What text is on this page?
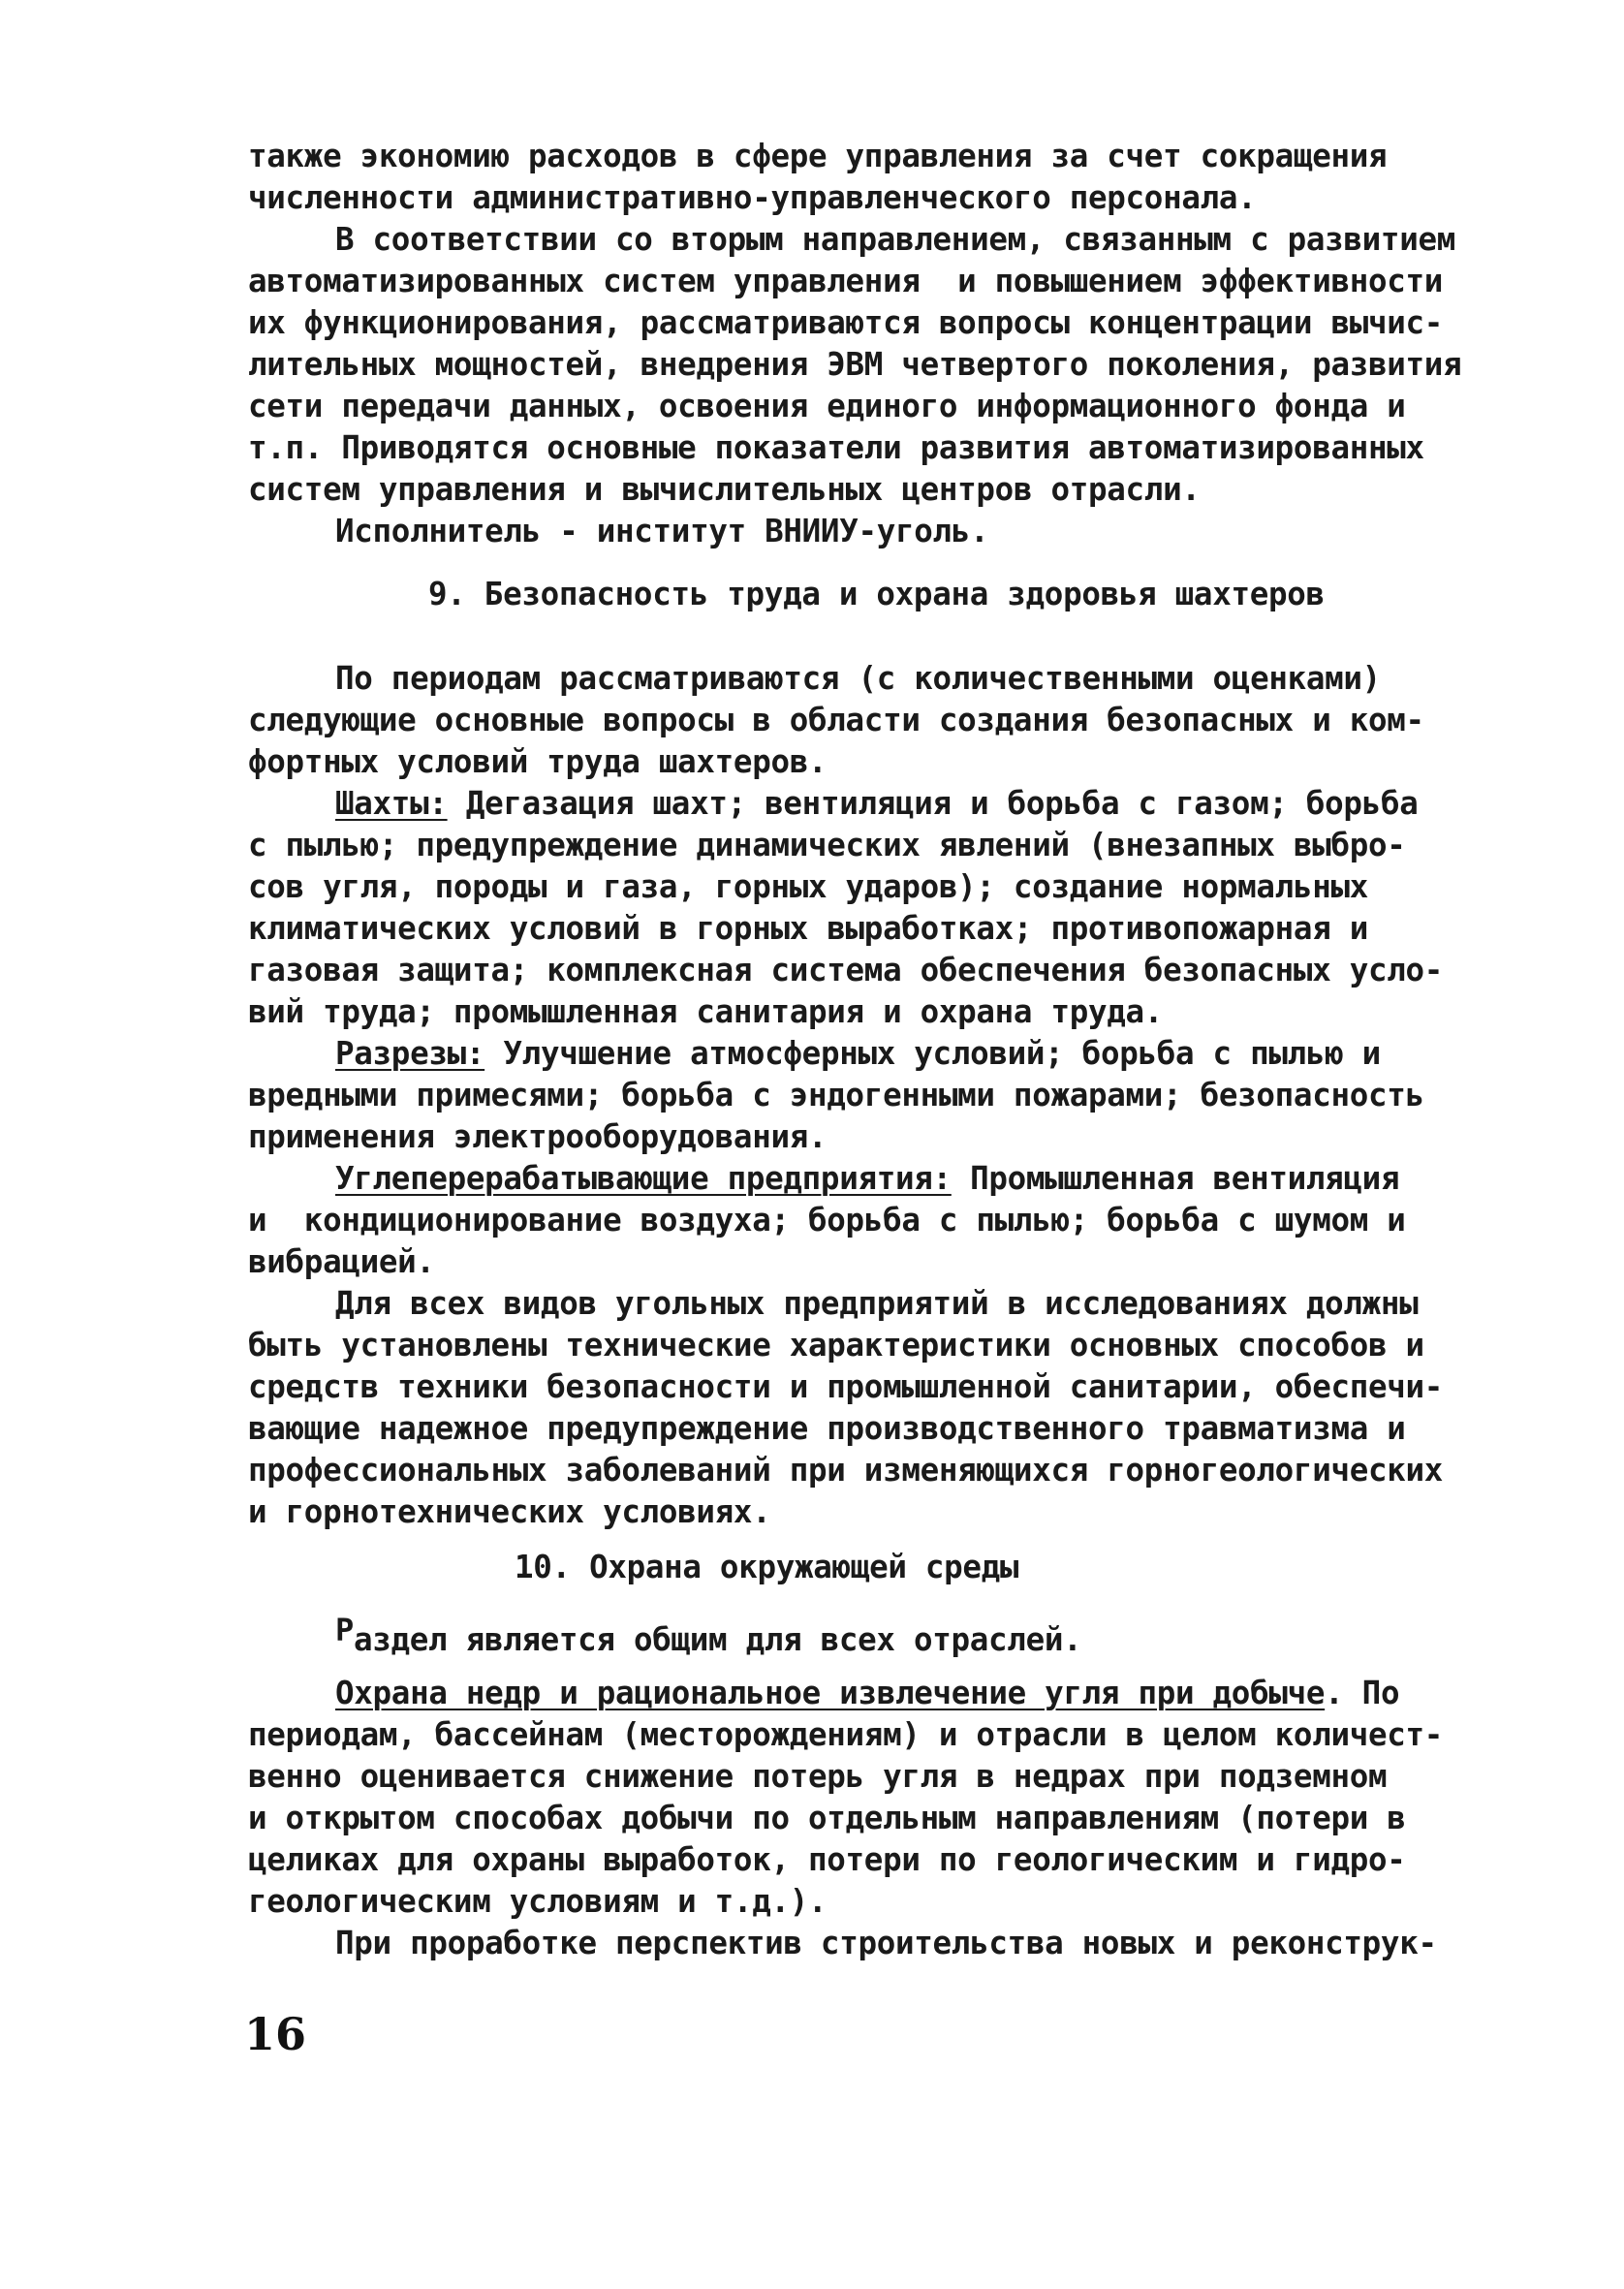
также экономию расходов в сфере управления за счет сокращения
численности административно-управленческого персонала.
В соответствии со вторым направлением, связанным с развитием
автоматизированных систем управления  и повышением эффективности
их функционирования, рассматриваются вопросы концентрации вычис-
лительных мощностей, внедрения ЭВМ четвертого поколения, развития
сети передачи данных, освоения единого информационного фонда и
т.п. Приводятся основные показатели развития автоматизированных
систем управления и вычислительных центров отрасли.
Исполнитель - институт ВНИИУ-уголь.
9. Безопасность труда и охрана здоровья шахтеров
По периодам рассматриваются (с количественными оценками)
следующие основные вопросы в области создания безопасных и ком-
фортных условий труда шахтеров.
Шахты: Дегазация шахт; вентиляция и борьба с газом; борьба
с пылью; предупреждение динамических явлений (внезапных выбро-
сов угля, породы и газа, горных ударов); создание нормальных
климатических условий в горных выработках; противопожарная и
газовая защита; комплексная система обеспечения безопасных усло-
вий труда; промышленная санитария и охрана труда.
Разрезы: Улучшение атмосферных условий; борьба с пылью и
вредными примесями; борьба с эндогенными пожарами; безопасность
применения электрооборудования.
Углеперерабатывающие предприятия: Промышленная вентиляция
и  кондиционирование воздуха; борьба с пылью; борьба с шумом и
вибрацией.
Для всех видов угольных предприятий в исследованиях должны
быть установлены технические характеристики основных способов и
средств техники безопасности и промышленной санитарии, обеспечи-
вающие надежное предупреждение производственного травматизма и
профессиональных заболеваний при изменяющихся горногеологических
и горнотехнических условиях.
10. Охрана окружающей среды
Раздел является общим для всех отраслей.
Охрана недр и рациональное извлечение угля при добыче. По
периодам, бассейнам (месторождениям) и отрасли в целом количест-
венно оценивается снижение потерь угля в недрах при подземном
и открытом способах добычи по отдельным направлениям (потери в
целиках для охраны выработок, потери по геологическим и гидро-
геологическим условиям и т.д.).
При проработке перспектив строительства новых и реконструк-
16
